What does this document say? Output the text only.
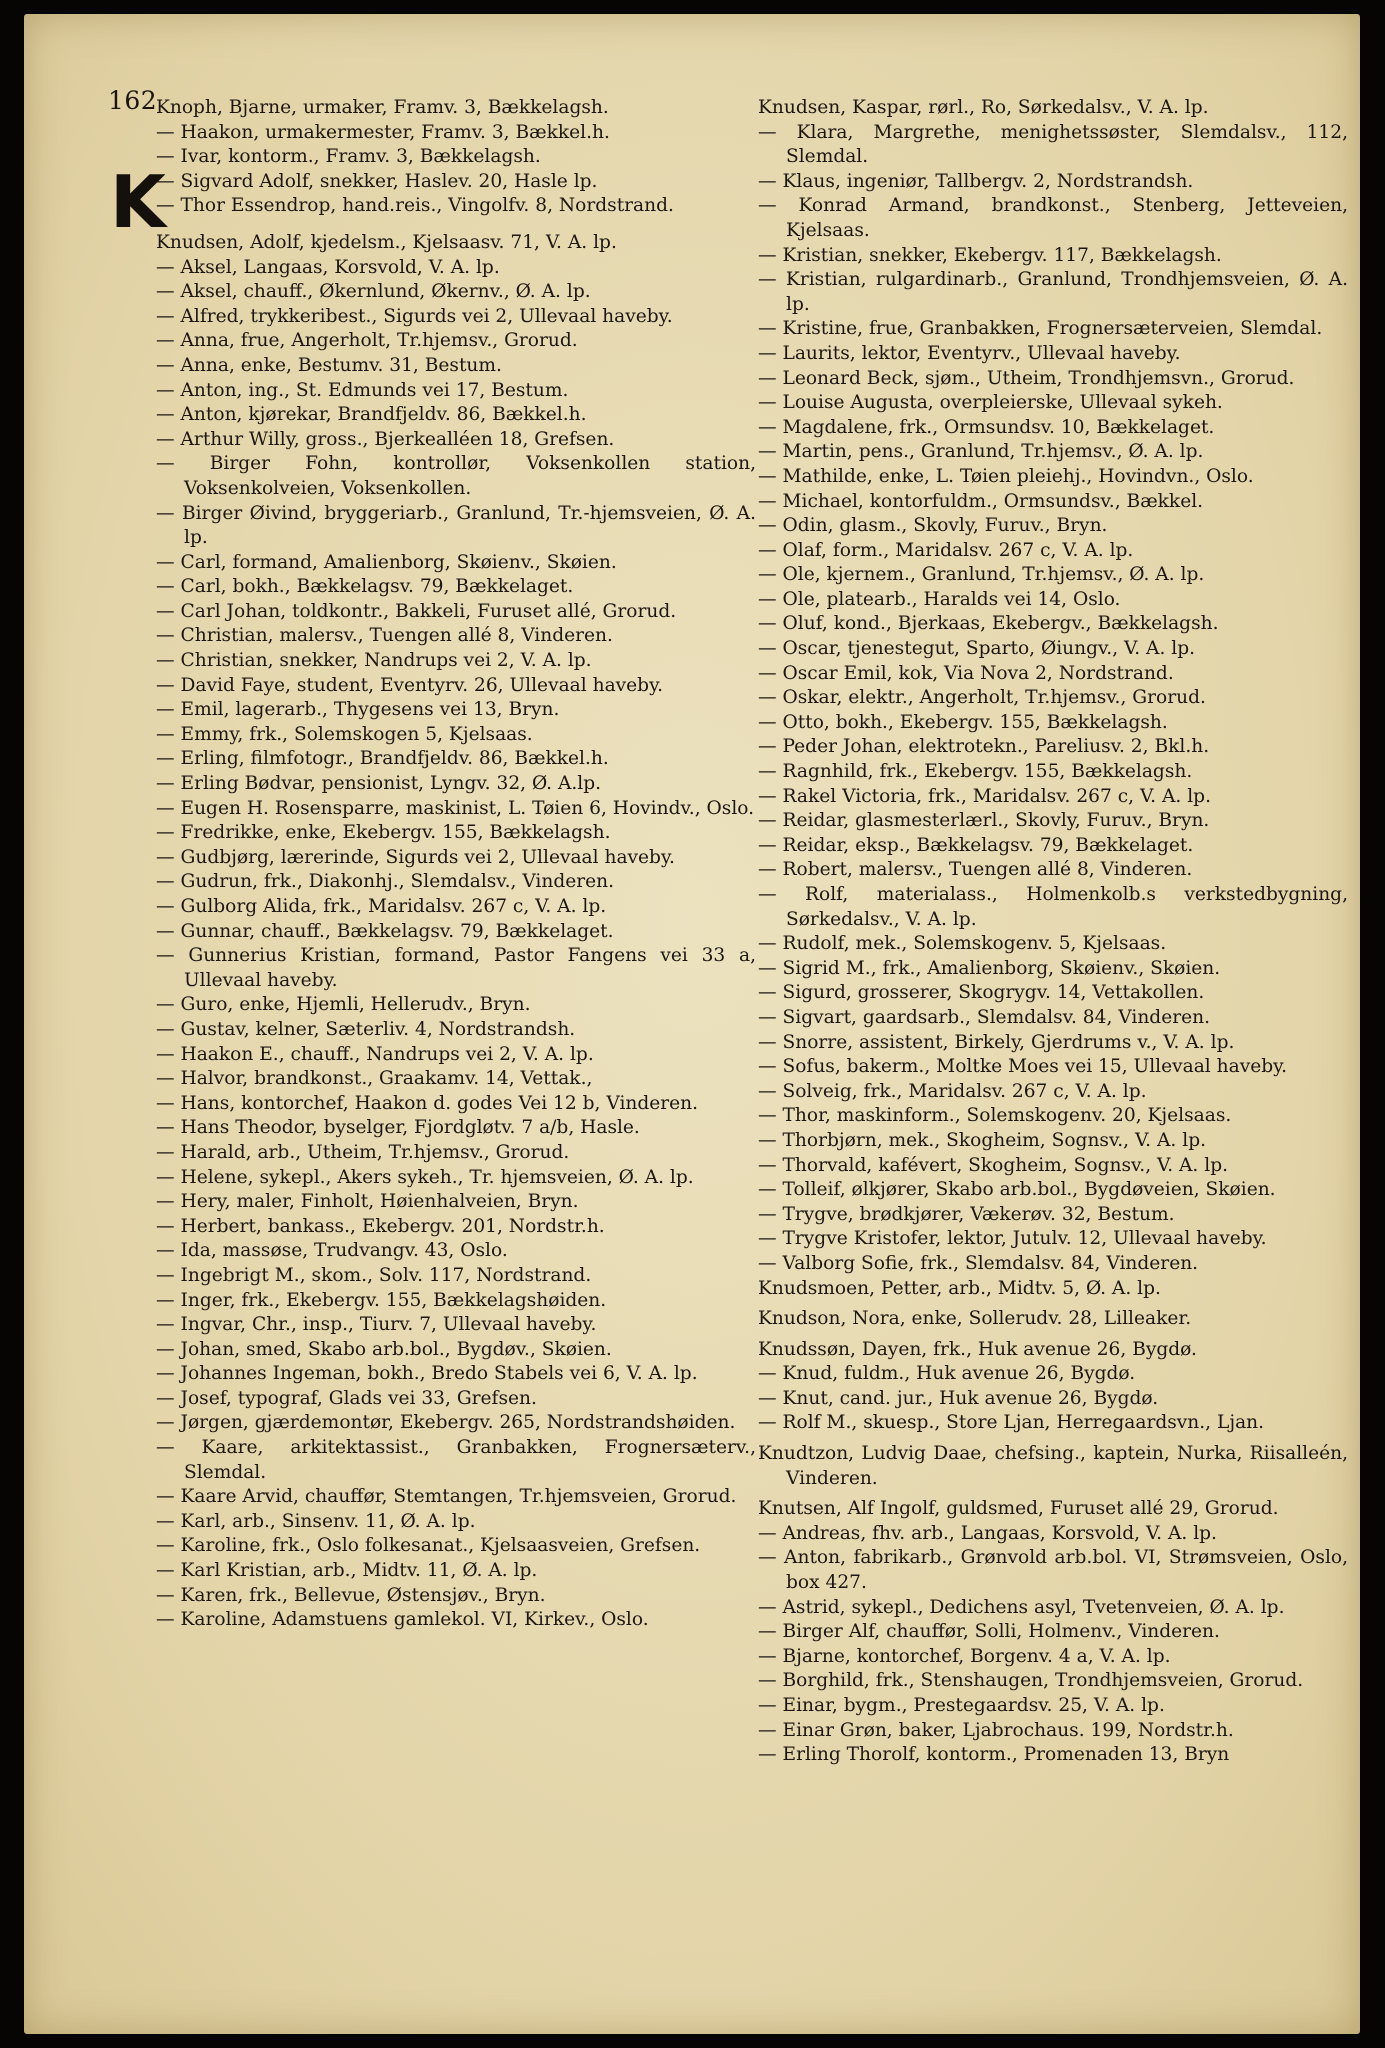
162
K
Knoph, Bjarne, urmaker, Framv. 3, Bækkelagsh.
— Haakon, urmakermester, Framv. 3, Bækkel.h.
— Ivar, kontorm., Framv. 3, Bækkelagsh.
— Sigvard Adolf, snekker, Haslev. 20, Hasle lp.
— Thor Essendrop, hand.reis., Vingolfv. 8, Nordstrand.
Knudsen, Adolf, kjedelsm., Kjelsaasv. 71, V. A. lp.
— Aksel, Langaas, Korsvold, V. A. lp.
— Aksel, chauff., Økernlund, Økernv., Ø. A. lp.
— Alfred, trykkeribest., Sigurds vei 2, Ullevaal haveby.
— Anna, frue, Angerholt, Tr.hjemsv., Grorud.
— Anna, enke, Bestumv. 31, Bestum.
— Anton, ing., St. Edmunds vei 17, Bestum.
— Anton, kjørekar, Brandfjeldv. 86, Bækkel.h.
— Arthur Willy, gross., Bjerkealléen 18, Grefsen.
— Birger Fohn, kontrollør, Voksenkollen station, Voksenkolveien, Voksenkollen.
— Birger Øivind, bryggeriarb., Granlund, Tr.-hjemsveien, Ø. A. lp.
— Carl, formand, Amalienborg, Skøienv., Skøien.
— Carl, bokh., Bækkelagsv. 79, Bækkelaget.
— Carl Johan, toldkontr., Bakkeli, Furuset allé, Grorud.
— Christian, malersv., Tuengen allé 8, Vinderen.
— Christian, snekker, Nandrups vei 2, V. A. lp.
— David Faye, student, Eventyrv. 26, Ullevaal haveby.
— Emil, lagerarb., Thygesens vei 13, Bryn.
— Emmy, frk., Solemskogen 5, Kjelsaas.
— Erling, filmfotogr., Brandfjeldv. 86, Bækkel.h.
— Erling Bødvar, pensionist, Lyngv. 32, Ø. A.lp.
— Eugen H. Rosensparre, maskinist, L. Tøien 6, Hovindv., Oslo.
— Fredrikke, enke, Ekebergv. 155, Bækkelagsh.
— Gudbjørg, lærerinde, Sigurds vei 2, Ullevaal haveby.
— Gudrun, frk., Diakonhj., Slemdalsv., Vinderen.
— Gulborg Alida, frk., Maridalsv. 267 c, V. A. lp.
— Gunnar, chauff., Bækkelagsv. 79, Bækkelaget.
— Gunnerius Kristian, formand, Pastor Fangens vei 33 a, Ullevaal haveby.
— Guro, enke, Hjemli, Hellerudv., Bryn.
— Gustav, kelner, Sæterliv. 4, Nordstrandsh.
— Haakon E., chauff., Nandrups vei 2, V. A. lp.
— Halvor, brandkonst., Graakamv. 14, Vettak.,
— Hans, kontorchef, Haakon d. godes Vei 12 b, Vinderen.
— Hans Theodor, byselger, Fjordgløtv. 7 a/b, Hasle.
— Harald, arb., Utheim, Tr.hjemsv., Grorud.
— Helene, sykepl., Akers sykeh., Tr. hjemsveien, Ø. A. lp.
— Hery, maler, Finholt, Høienhalveien, Bryn.
— Herbert, bankass., Ekebergv. 201, Nordstr.h.
— Ida, massøse, Trudvangv. 43, Oslo.
— Ingebrigt M., skom., Solv. 117, Nordstrand.
— Inger, frk., Ekebergv. 155, Bækkelagshøiden.
— Ingvar, Chr., insp., Tiurv. 7, Ullevaal haveby.
— Johan, smed, Skabo arb.bol., Bygdøv., Skøien.
— Johannes Ingeman, bokh., Bredo Stabels vei 6, V. A. lp.
— Josef, typograf, Glads vei 33, Grefsen.
— Jørgen, gjærdemontør, Ekebergv. 265, Nordstrandshøiden.
— Kaare, arkitektassist., Granbakken, Frognersæterv., Slemdal.
— Kaare Arvid, chauffør, Stemtangen, Tr.hjemsveien, Grorud.
— Karl, arb., Sinsenv. 11, Ø. A. lp.
— Karoline, frk., Oslo folkesanat., Kjelsaasveien, Grefsen.
— Karl Kristian, arb., Midtv. 11, Ø. A. lp.
— Karen, frk., Bellevue, Østensjøv., Bryn.
— Karoline, Adamstuens gamlekol. VI, Kirkev., Oslo.
Knudsen, Kaspar, rørl., Ro, Sørkedalsv., V. A. lp.
— Klara, Margrethe, menighetssøster, Slemdalsv., 112, Slemdal.
— Klaus, ingeniør, Tallbergv. 2, Nordstrandsh.
— Konrad Armand, brandkonst., Stenberg, Jetteveien, Kjelsaas.
— Kristian, snekker, Ekebergv. 117, Bækkelagsh.
— Kristian, rulgardinarb., Granlund, Trondhjemsveien, Ø. A. lp.
— Kristine, frue, Granbakken, Frognersæterveien, Slemdal.
— Laurits, lektor, Eventyrv., Ullevaal haveby.
— Leonard Beck, sjøm., Utheim, Trondhjemsvn., Grorud.
— Louise Augusta, overpleierske, Ullevaal sykeh.
— Magdalene, frk., Ormsundsv. 10, Bækkelaget.
— Martin, pens., Granlund, Tr.hjemsv., Ø. A. lp.
— Mathilde, enke, L. Tøien pleiehj., Hovindvn., Oslo.
— Michael, kontorfuldm., Ormsundsv., Bækkel.
— Odin, glasm., Skovly, Furuv., Bryn.
— Olaf, form., Maridalsv. 267 c, V. A. lp.
— Ole, kjernem., Granlund, Tr.hjemsv., Ø. A. lp.
— Ole, platearb., Haralds vei 14, Oslo.
— Oluf, kond., Bjerkaas, Ekebergv., Bækkelagsh.
— Oscar, tjenestegut, Sparto, Øiungv., V. A. lp.
— Oscar Emil, kok, Via Nova 2, Nordstrand.
— Oskar, elektr., Angerholt, Tr.hjemsv., Grorud.
— Otto, bokh., Ekebergv. 155, Bækkelagsh.
— Peder Johan, elektrotekn., Pareliusv. 2, Bkl.h.
— Ragnhild, frk., Ekebergv. 155, Bækkelagsh.
— Rakel Victoria, frk., Maridalsv. 267 c, V. A. lp.
— Reidar, glasmesterlærl., Skovly, Furuv., Bryn.
— Reidar, eksp., Bækkelagsv. 79, Bækkelaget.
— Robert, malersv., Tuengen allé 8, Vinderen.
— Rolf, materialass., Holmenkolb.s verkstedbygning, Sørkedalsv., V. A. lp.
— Rudolf, mek., Solemskogenv. 5, Kjelsaas.
— Sigrid M., frk., Amalienborg, Skøienv., Skøien.
— Sigurd, grosserer, Skogrygv. 14, Vettakollen.
— Sigvart, gaardsarb., Slemdalsv. 84, Vinderen.
— Snorre, assistent, Birkely, Gjerdrums v., V. A. lp.
— Sofus, bakerm., Moltke Moes vei 15, Ullevaal haveby.
— Solveig, frk., Maridalsv. 267 c, V. A. lp.
— Thor, maskinform., Solemskogenv. 20, Kjelsaas.
— Thorbjørn, mek., Skogheim, Sognsv., V. A. lp.
— Thorvald, kafévert, Skogheim, Sognsv., V. A. lp.
— Tolleif, ølkjører, Skabo arb.bol., Bygdøveien, Skøien.
— Trygve, brødkjører, Vækerøv. 32, Bestum.
— Trygve Kristofer, lektor, Jutulv. 12, Ullevaal haveby.
— Valborg Sofie, frk., Slemdalsv. 84, Vinderen.
Knudsmoen, Petter, arb., Midtv. 5, Ø. A. lp.
Knudson, Nora, enke, Sollerudv. 28, Lilleaker.
Knudssøn, Dayen, frk., Huk avenue 26, Bygdø.
— Knud, fuldm., Huk avenue 26, Bygdø.
— Knut, cand. jur., Huk avenue 26, Bygdø.
— Rolf M., skuesp., Store Ljan, Herregaardsvn., Ljan.
Knudtzon, Ludvig Daae, chefsing., kaptein, Nurka, Riisalleén, Vinderen.
Knutsen, Alf Ingolf, guldsmed, Furuset allé 29, Grorud.
— Andreas, fhv. arb., Langaas, Korsvold, V. A. lp.
— Anton, fabrikarb., Grønvold arb.bol. VI, Strømsveien, Oslo, box 427.
— Astrid, sykepl., Dedichens asyl, Tvetenveien, Ø. A. lp.
— Birger Alf, chauffør, Solli, Holmenv., Vinderen.
— Bjarne, kontorchef, Borgenv. 4 a, V. A. lp.
— Borghild, frk., Stenshaugen, Trondhjemsveien, Grorud.
— Einar, bygm., Prestegaardsv. 25, V. A. lp.
— Einar Grøn, baker, Ljabrochaus. 199, Nordstr.h.
— Erling Thorolf, kontorm., Promenaden 13, Bryn
